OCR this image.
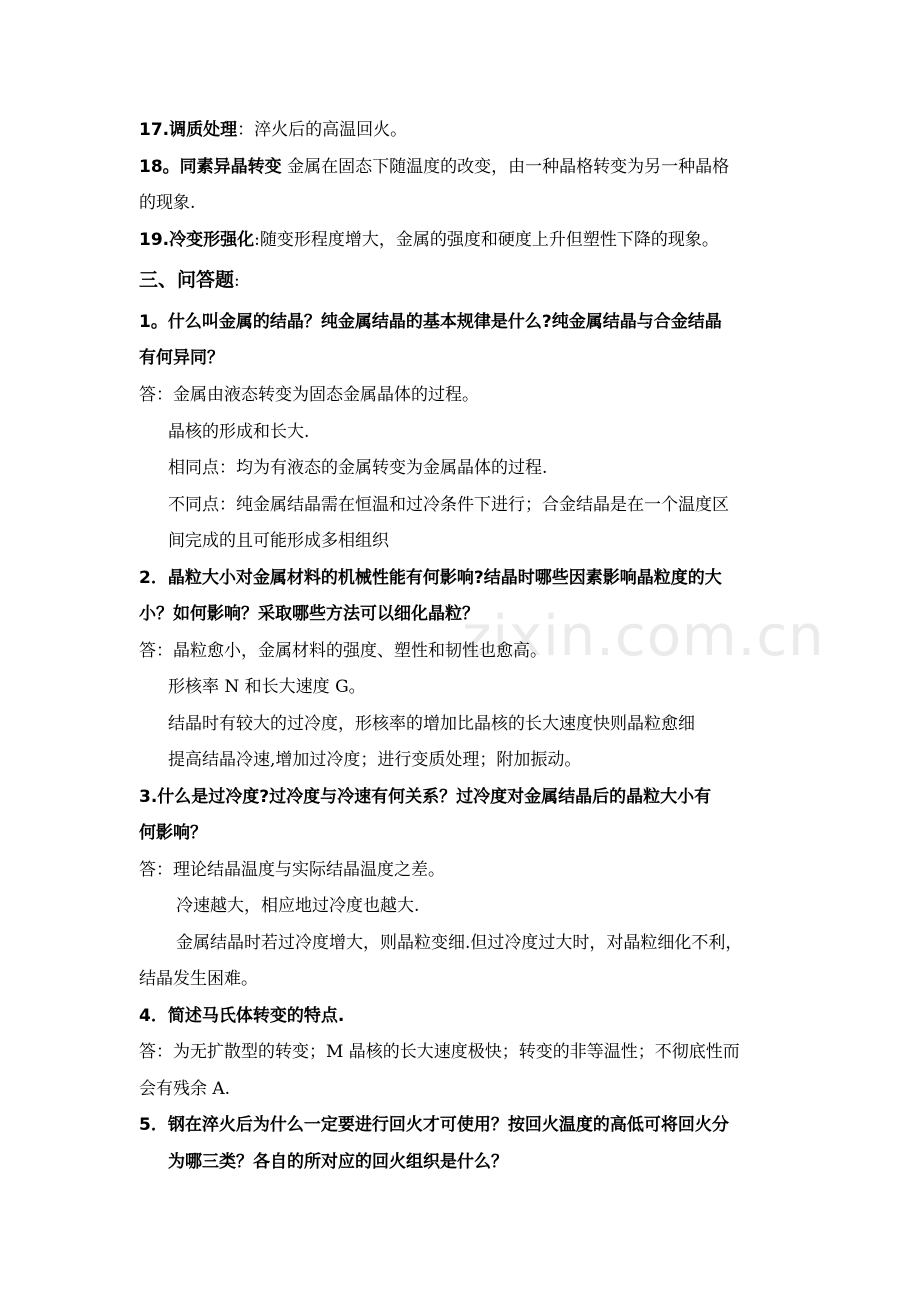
zixin.com.cn
17.调质处理：淬火后的高温回火。
18。同素异晶转变 金属在固态下随温度的改变，由一种晶格转变为另一种晶格
的现象.
19.冷变形强化:随变形程度增大，金属的强度和硬度上升但塑性下降的现象。
三、问答题:
1。什么叫金属的结晶？纯金属结晶的基本规律是什么?纯金属结晶与合金结晶
有何异同？
答：金属由液态转变为固态金属晶体的过程。
晶核的形成和长大.
相同点：均为有液态的金属转变为金属晶体的过程.
不同点：纯金属结晶需在恒温和过冷条件下进行；合金结晶是在一个温度区
间完成的且可能形成多相组织
2．晶粒大小对金属材料的机械性能有何影响?结晶时哪些因素影响晶粒度的大
小？如何影响？采取哪些方法可以细化晶粒？
答：晶粒愈小，金属材料的强度、塑性和韧性也愈高。
形核率 N 和长大速度 G。
结晶时有较大的过冷度，形核率的增加比晶核的长大速度快则晶粒愈细
提高结晶冷速,增加过冷度；进行变质处理；附加振动。
3.什么是过冷度?过冷度与冷速有何关系？过冷度对金属结晶后的晶粒大小有
何影响？
答：理论结晶温度与实际结晶温度之差。
冷速越大，相应地过冷度也越大.
金属结晶时若过冷度增大，则晶粒变细.但过冷度过大时，对晶粒细化不利，
结晶发生困难。
4．简述马氏体转变的特点.
答：为无扩散型的转变；M 晶核的长大速度极快；转变的非等温性；不彻底性而
会有残余 A.
5．钢在淬火后为什么一定要进行回火才可使用？按回火温度的高低可将回火分
为哪三类？各自的所对应的回火组织是什么？
